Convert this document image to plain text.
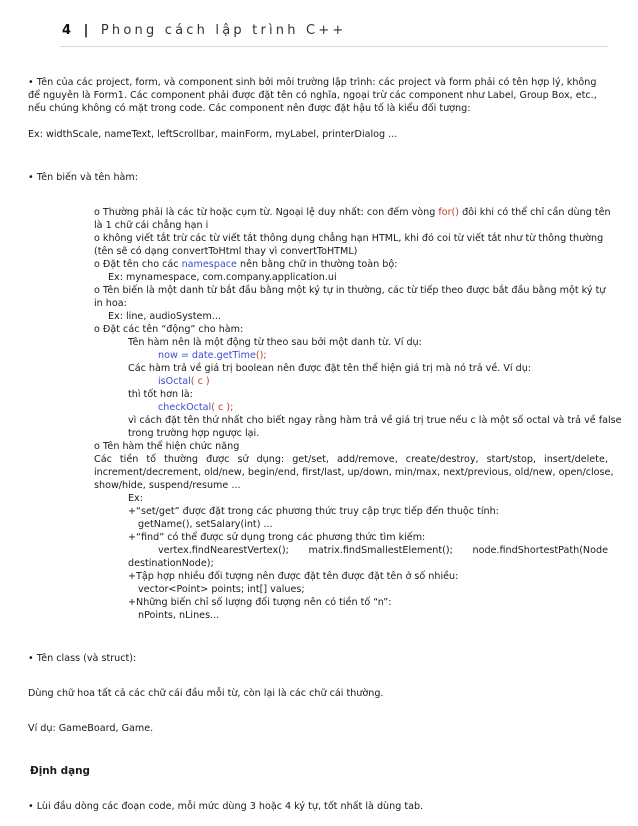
4 | Phong cách lập trình C++

• Tên của các project, form, và component sinh bởi môi trường lập trình: các project và form phải có tên hợp lý, không

để nguyên là Form1. Các component phải được đặt tên có nghĩa, ngoại trừ các component như Label, Group Box, etc.,

nếu chúng không có mặt trong code. Các component nên được đặt hậu tố là kiểu đối tượng:

Ex: widthScale, nameText, leftScrollbar, mainForm, myLabel, printerDialog ...

• Tên biến và tên hàm:

o Thường phải là các từ hoặc cụm từ. Ngoại lệ duy nhất: con đếm vòng for() đôi khi có thể chỉ cần dùng tên

là 1 chữ cái chẳng hạn i

o không viết tắt trừ các từ viết tắt thông dụng chẳng hạn HTML, khi đó coi từ viết tắt như từ thông thường

(tên sẽ có dạng convertToHtml thay vì convertToHTML)

o Đặt tên cho các namespace nên bằng chữ in thường toàn bộ:

Ex: mynamespace, com.company.application.ui

o Tên biến là một danh từ bắt đầu bằng một ký tự in thường, các từ tiếp theo được bắt đầu bằng một ký tự

in hoa:

Ex: line, audioSystem...

o Đặt các tên “động” cho hàm:

Tên hàm nên là một động từ theo sau bởi một danh từ. Ví dụ:

now = date.getTime();

Các hàm trả về giá trị boolean nên được đặt tên thể hiện giá trị mà nó trả về. Ví dụ:

isOctal( c )

thì tốt hơn là:

checkOctal( c );

vì cách đặt tên thứ nhất cho biết ngay rằng hàm trả về giá trị true nếu c là một số octal và trả về false

trong trường hợp ngược lại.

o Tên hàm thể hiện chức năng

Các tiền tố thường được sử dụng: get/set, add/remove, create/destroy, start/stop, insert/delete,

increment/decrement, old/new, begin/end, first/last, up/down, min/max, next/previous, old/new, open/close,

show/hide, suspend/resume ...

Ex:

+“set/get” được đặt trong các phương thức truy cập trực tiếp đến thuộc tính:

getName(), setSalary(int) ...

+“find” có thể được sử dụng trong các phương thức tìm kiếm:

vertex.findNearestVertex(); matrix.findSmallestElement(); node.findShortestPath(Node

destinationNode);

+Tập hợp nhiều đối tượng nên được đặt tên được đặt tên ở số nhiều:

vector<Point> points; int[] values;

+Những biến chỉ số lượng đối tượng nên có tiền tố “n”:

nPoints, nLines...

• Tên class (và struct):

Dùng chữ hoa tất cả các chữ cái đầu mỗi từ, còn lại là các chữ cái thường.

Ví dụ: GameBoard, Game.

Định dạng

• Lùi đầu dòng các đoạn code, mỗi mức dùng 3 hoặc 4 ký tự, tốt nhất là dùng tab.
